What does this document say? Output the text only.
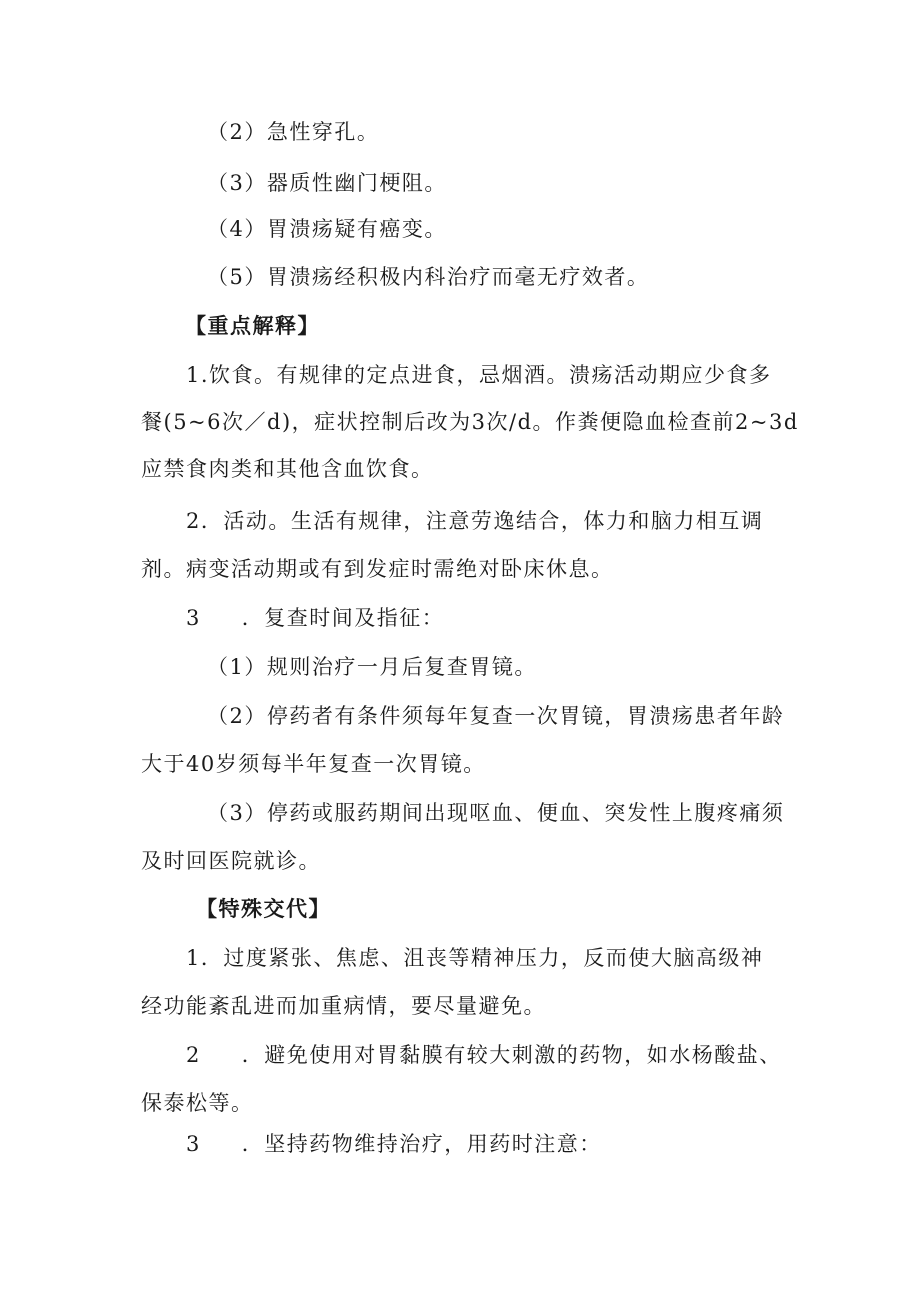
（2）急性穿孔。
（3）器质性幽门梗阻。
（4）胃溃疡疑有癌变。
（5）胃溃疡经积极内科治疗而毫无疗效者。
【重点解释】
1.饮食。有规律的定点进食，忌烟酒。溃疡活动期应少食多
餐(5~6次／d)，症状控制后改为3次/d。作粪便隐血检查前2~3d
应禁食肉类和其他含血饮食。
2．活动。生活有规律，注意劳逸结合，体力和脑力相互调
剂。病变活动期或有到发症时需绝对卧床休息。
3     ．复查时间及指征：
（1）规则治疗一月后复查胃镜。
（2）停药者有条件须每年复查一次胃镜，胃溃疡患者年龄
大于40岁须每半年复查一次胃镜。
（3）停药或服药期间出现呕血、便血、突发性上腹疼痛须
及时回医院就诊。
【特殊交代】
1．过度紧张、焦虑、沮丧等精神压力，反而使大脑高级神
经功能紊乱进而加重病情，要尽量避免。
2     ．避免使用对胃黏膜有较大刺激的药物，如水杨酸盐、
保泰松等。
3     ．坚持药物维持治疗，用药时注意：
